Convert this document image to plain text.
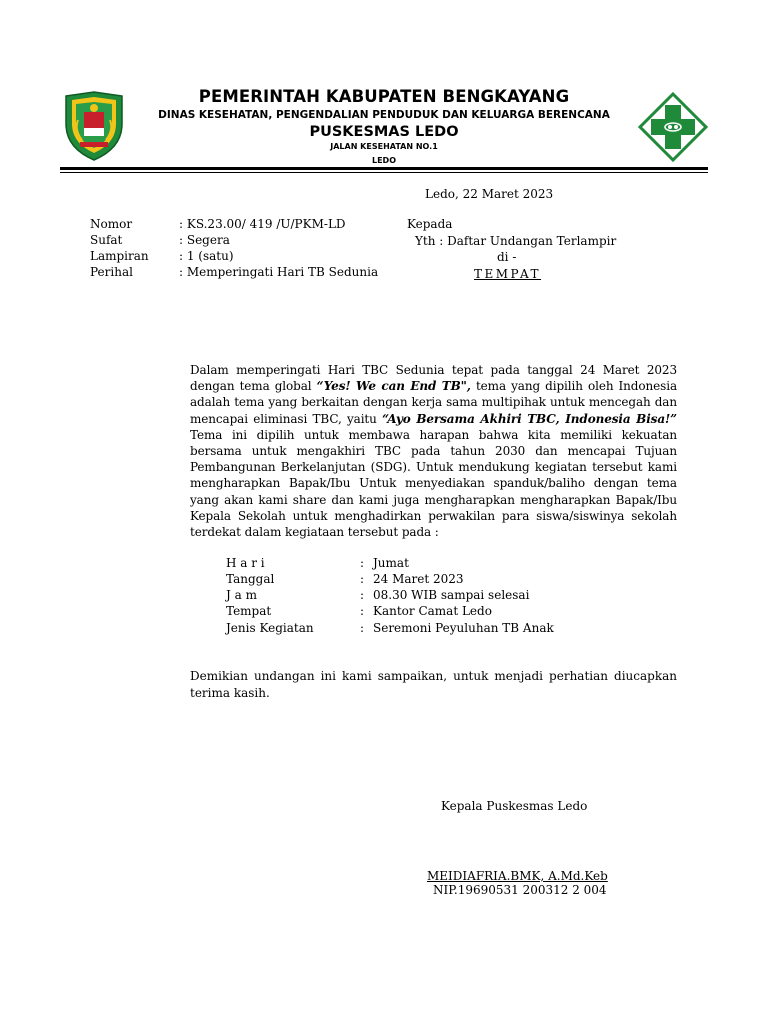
PEMERINTAH KABUPATEN BENGKAYANG
DINAS KESEHATAN, PENGENDALIAN PENDUDUK DAN KELUARGA BERENCANA
PUSKESMAS LEDO
JALAN KESEHATAN NO.1
LEDO
Ledo, 22 Maret 2023
Nomor	: KS.23.00/ 419 /U/PKM-LD
Sufat	: Segera
Lampiran	: 1 (satu)
Perihal	: Memperingati Hari TB Sedunia
Kepada
Yth : Daftar Undangan Terlampir
di -
TEMPAT
Dalam memperingati Hari TBC Sedunia tepat pada tanggal 24 Maret 2023 dengan tema global “Yes! We can End TB", tema yang dipilih oleh Indonesia adalah tema yang berkaitan dengan kerja sama multipihak untuk mencegah dan mencapai eliminasi TBC, yaitu “Ayo Bersama Akhiri TBC, Indonesia Bisa!” Tema ini dipilih untuk membawa harapan bahwa kita memiliki kekuatan bersama untuk mengakhiri TBC pada tahun 2030 dan mencapai Tujuan Pembangunan Berkelanjutan (SDG). Untuk mendukung kegiatan tersebut kami mengharapkan Bapak/Ibu Untuk menyediakan spanduk/baliho dengan tema yang akan kami share dan kami juga mengharapkan mengharapkan Bapak/Ibu Kepala Sekolah untuk menghadirkan perwakilan para siswa/siswinya sekolah terdekat dalam kegiataan tersebut pada :
H a r i	: Jumat
Tanggal	: 24 Maret 2023
J a m	: 08.30 WIB sampai selesai
Tempat	: Kantor Camat Ledo
Jenis Kegiatan	: Seremoni Peyuluhan TB Anak
Demikian undangan ini kami sampaikan, untuk menjadi perhatian diucapkan terima kasih.
Kepala Puskesmas Ledo
MEIDIAFRIA.BMK, A.Md.Keb
NIP.19690531 200312 2 004
